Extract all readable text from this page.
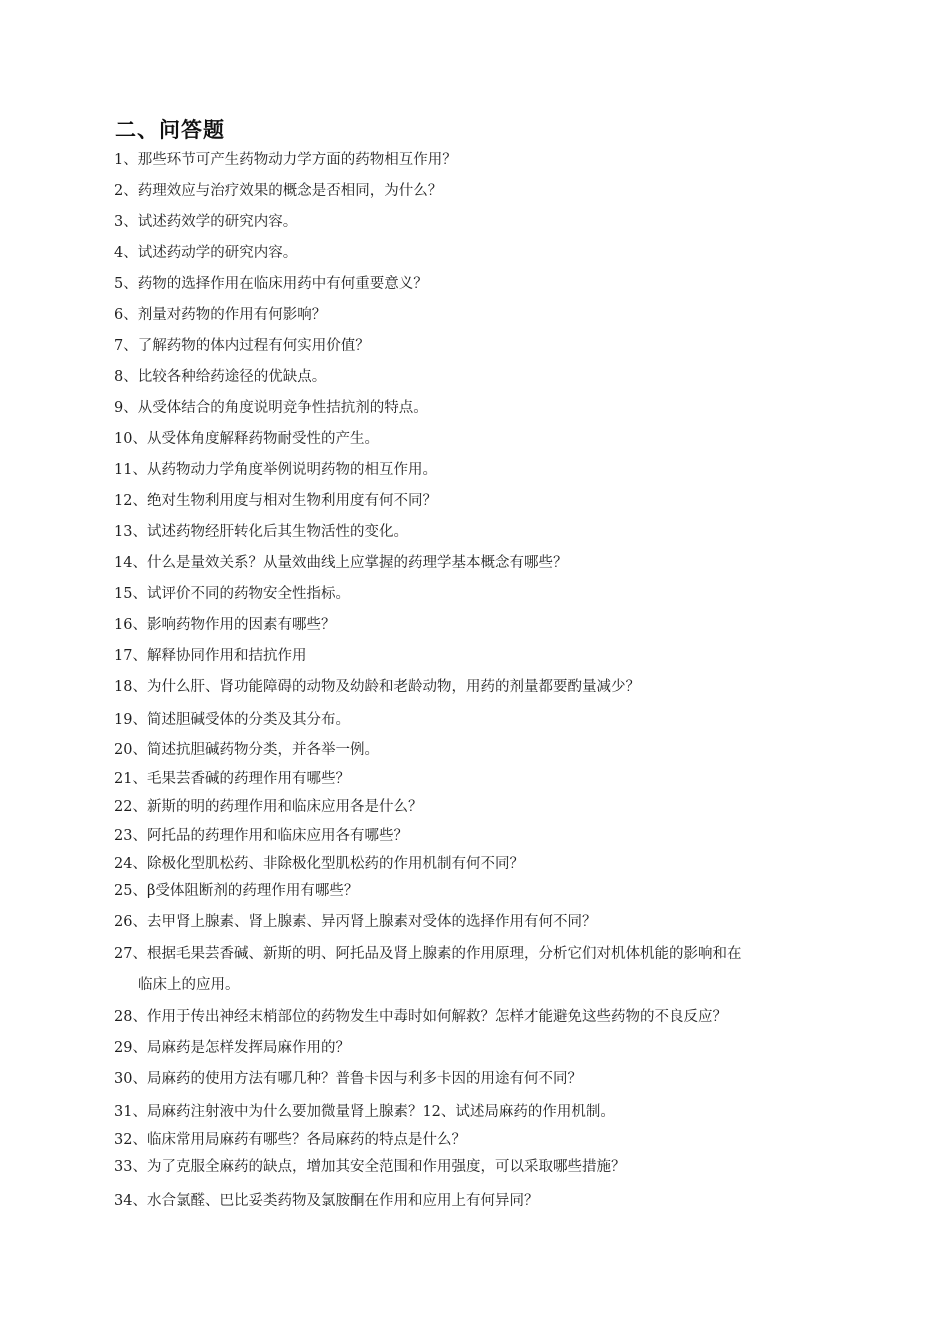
二、问答题
1、那些环节可产生药物动力学方面的药物相互作用？
2、药理效应与治疗效果的概念是否相同，为什么？
3、试述药效学的研究内容。
4、试述药动学的研究内容。
5、药物的选择作用在临床用药中有何重要意义？
6、剂量对药物的作用有何影响？
7、了解药物的体内过程有何实用价值？
8、比较各种给药途径的优缺点。
9、从受体结合的角度说明竞争性拮抗剂的特点。
10、从受体角度解释药物耐受性的产生。
11、从药物动力学角度举例说明药物的相互作用。
12、绝对生物利用度与相对生物利用度有何不同？
13、试述药物经肝转化后其生物活性的变化。
14、什么是量效关系？从量效曲线上应掌握的药理学基本概念有哪些？
15、试评价不同的药物安全性指标。
16、影响药物作用的因素有哪些？
17、解释协同作用和拮抗作用
18、为什么肝、肾功能障碍的动物及幼龄和老龄动物，用药的剂量都要酌量减少？
19、简述胆碱受体的分类及其分布。
20、简述抗胆碱药物分类，并各举一例。
21、毛果芸香碱的药理作用有哪些？
22、新斯的明的药理作用和临床应用各是什么？
23、阿托品的药理作用和临床应用各有哪些？
24、除极化型肌松药、非除极化型肌松药的作用机制有何不同？
25、β受体阻断剂的药理作用有哪些？
26、去甲肾上腺素、肾上腺素、异丙肾上腺素对受体的选择作用有何不同？
27、根据毛果芸香碱、新斯的明、阿托品及肾上腺素的作用原理，分析它们对机体机能的影响和在
临床上的应用。
28、作用于传出神经末梢部位的药物发生中毒时如何解救？怎样才能避免这些药物的不良反应？
29、局麻药是怎样发挥局麻作用的？
30、局麻药的使用方法有哪几种？普鲁卡因与利多卡因的用途有何不同？
31、局麻药注射液中为什么要加微量肾上腺素？12、试述局麻药的作用机制。
32、临床常用局麻药有哪些？各局麻药的特点是什么？
33、为了克服全麻药的缺点，增加其安全范围和作用强度，可以采取哪些措施？
34、水合氯醛、巴比妥类药物及氯胺酮在作用和应用上有何异同？
